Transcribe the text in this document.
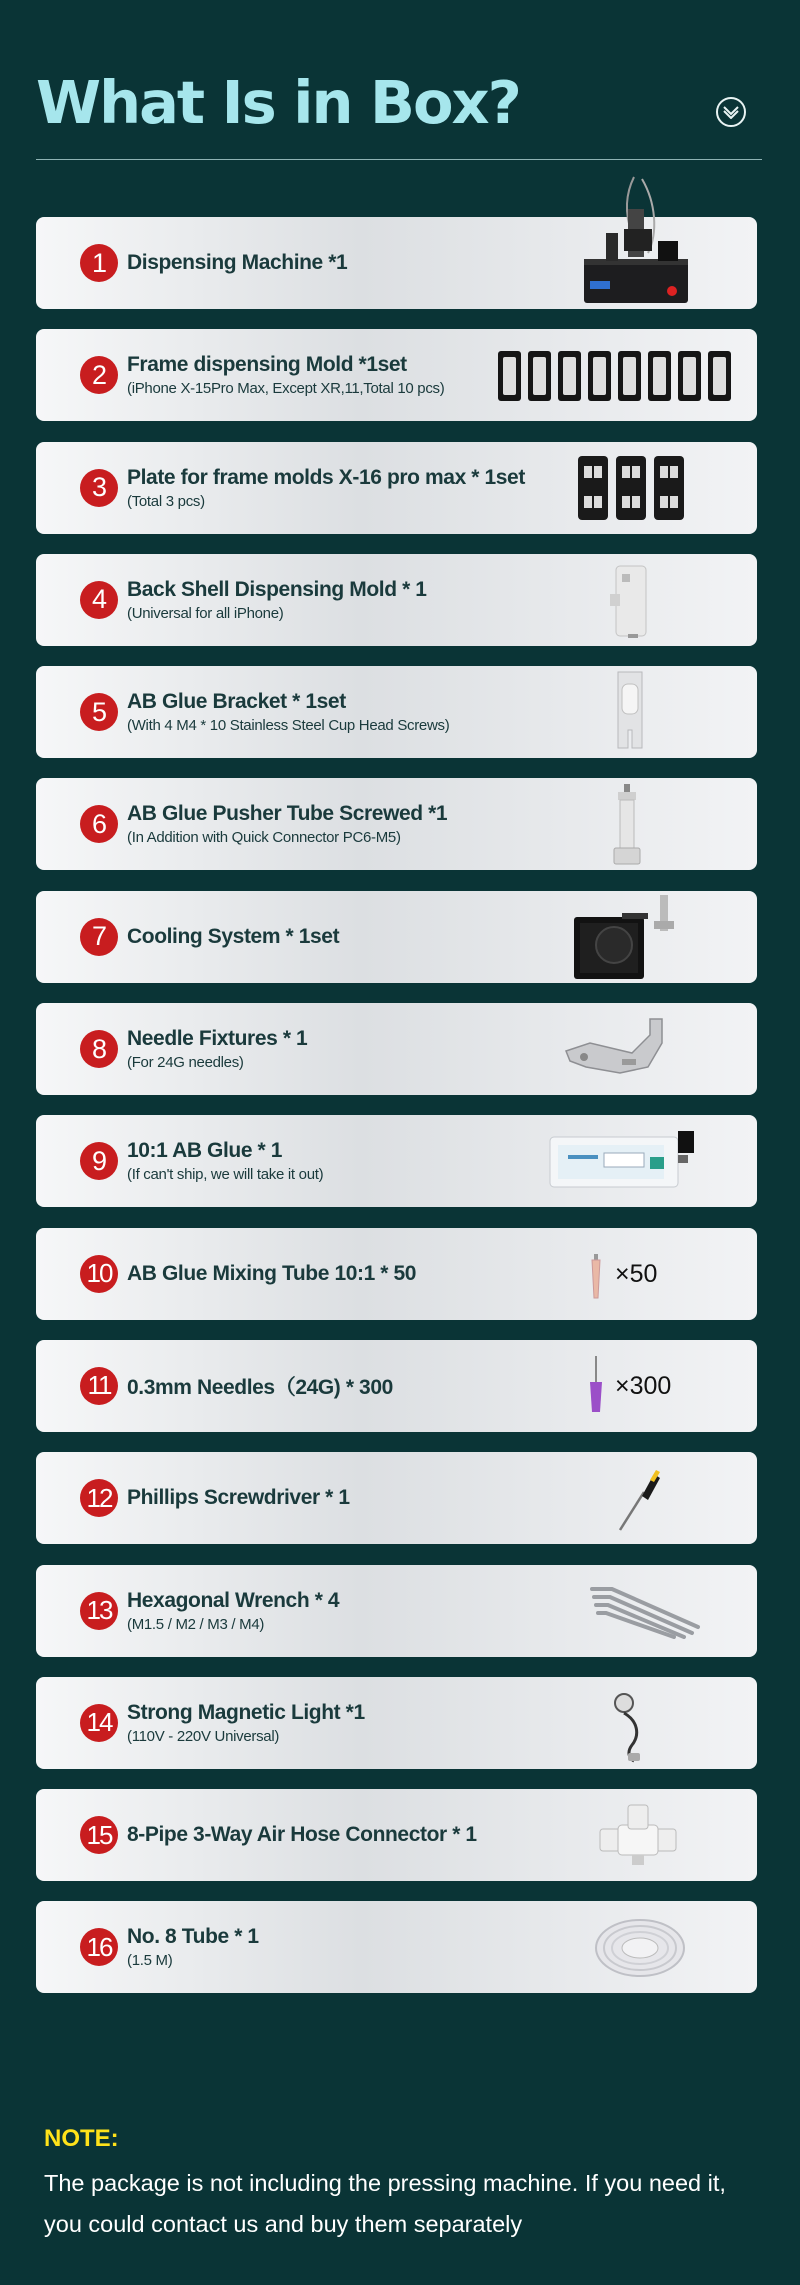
What Is in Box?
1 Dispensing Machine *1
2 Frame dispensing Mold *1set
(iPhone X-15Pro Max, Except XR,11,Total 10 pcs)
3 Plate for frame molds X-16 pro max * 1set
(Total 3 pcs)
4 Back Shell Dispensing Mold * 1
(Universal for all iPhone)
5 AB Glue Bracket * 1set
(With 4 M4 * 10 Stainless Steel Cup Head Screws)
6 AB Glue Pusher Tube Screwed *1
(In Addition with Quick Connector PC6-M5)
7 Cooling System * 1set
8 Needle Fixtures * 1
(For 24G needles)
9 10:1 AB Glue * 1
(If can't ship, we will take it out)
10 AB Glue Mixing Tube 10:1 * 50	×50
11 0.3mm Needles（24G) * 300	×300
12 Phillips Screwdriver * 1
13 Hexagonal Wrench * 4
(M1.5 / M2 / M3 / M4)
14 Strong Magnetic Light *1
(110V - 220V Universal)
15 8-Pipe 3-Way Air Hose Connector * 1
16 No. 8 Tube * 1
(1.5 M)
NOTE:
The package is not including the pressing machine. If you need it, you could contact us and buy them separately
